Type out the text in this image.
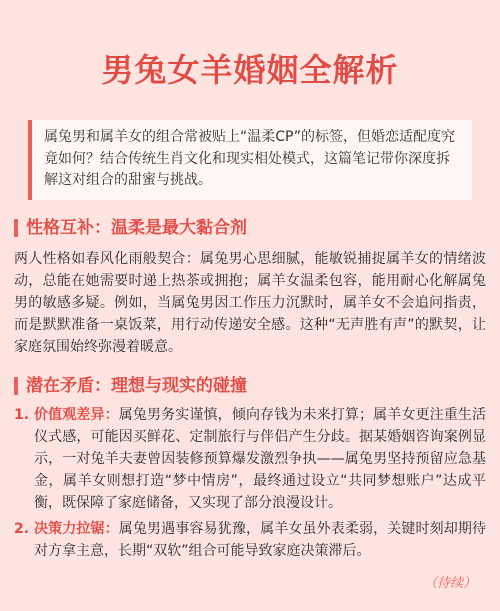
男兔女羊婚姻全解析
属兔男和属羊女的组合常被贴上“温柔CP”的标签，但婚恋适配度究竟如何？结合传统生肖文化和现实相处模式，这篇笔记带你深度拆解这对组合的甜蜜与挑战。
性格互补：温柔是最大黏合剂

两人性格如春风化雨般契合：属兔男心思细腻，能敏锐捕捉属羊女的情绪波动，总能在她需要时递上热茶或拥抱；属羊女温柔包容，能用耐心化解属兔男的敏感多疑。例如，当属兔男因工作压力沉默时，属羊女不会追问指责，而是默默准备一桌饭菜，用行动传递安全感。这种“无声胜有声”的默契，让家庭氛围始终弥漫着暖意。

潜在矛盾：理想与现实的碰撞
1. 价值观差异：属兔男务实谨慎，倾向存钱为未来打算；属羊女更注重生活仪式感，可能因买鲜花、定制旅行与伴侣产生分歧。据某婚姻咨询案例显示，一对兔羊夫妻曾因装修预算爆发激烈争执——属兔男坚持预留应急基金，属羊女则想打造“梦中情房”，最终通过设立“共同梦想账户”达成平衡，既保障了家庭储备，又实现了部分浪漫设计。
2. 决策力拉锯：属兔男遇事容易犹豫，属羊女虽外表柔弱，关键时刻却期待对方拿主意，长期“双软”组合可能导致家庭决策滞后。
（待续）
